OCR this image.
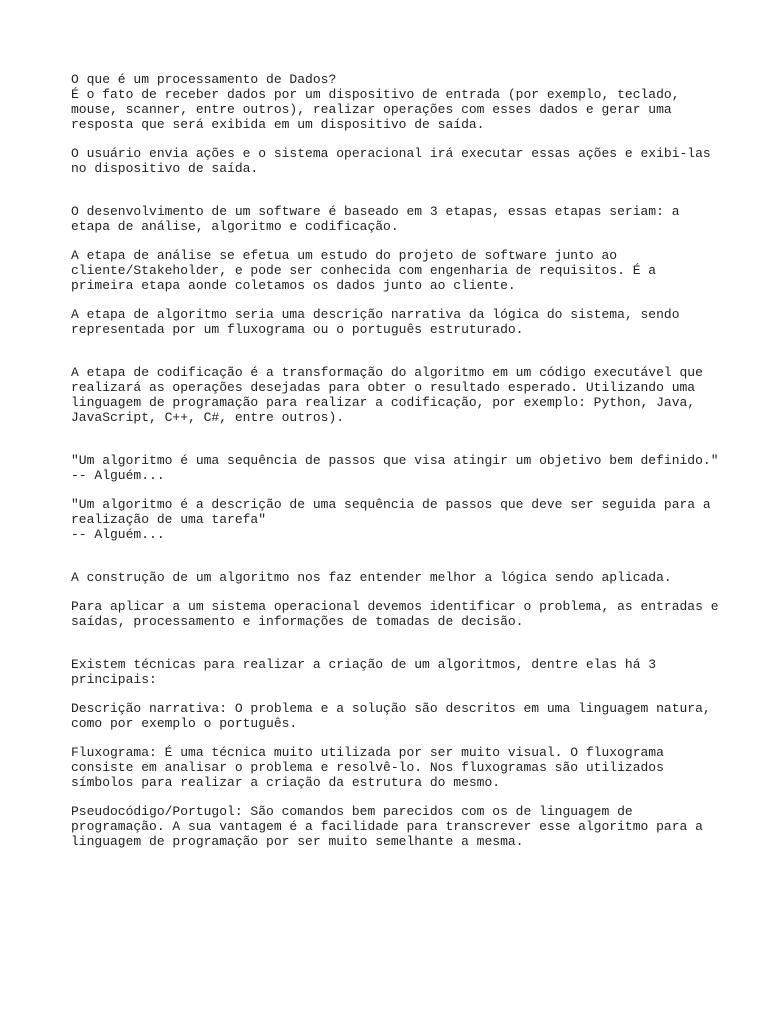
O que é um processamento de Dados?
É o fato de receber dados por um dispositivo de entrada (por exemplo, teclado,
mouse, scanner, entre outros), realizar operações com esses dados e gerar uma
resposta que será exibida em um dispositivo de saída.
O usuário envia ações e o sistema operacional irá executar essas ações e exibi-las
no dispositivo de saída.
O desenvolvimento de um software é baseado em 3 etapas, essas etapas seriam: a
etapa de análise, algoritmo e codificação.
A etapa de análise se efetua um estudo do projeto de software junto ao
cliente/Stakeholder, e pode ser conhecida com engenharia de requisitos. É a
primeira etapa aonde coletamos os dados junto ao cliente.
A etapa de algoritmo seria uma descrição narrativa da lógica do sistema, sendo
representada por um fluxograma ou o português estruturado.
A etapa de codificação é a transformação do algoritmo em um código executável que
realizará as operações desejadas para obter o resultado esperado. Utilizando uma
linguagem de programação para realizar a codificação, por exemplo: Python, Java,
JavaScript, C++, C#, entre outros).
"Um algoritmo é uma sequência de passos que visa atingir um objetivo bem definido."
-- Alguém...
"Um algoritmo é a descrição de uma sequência de passos que deve ser seguida para a
realização de uma tarefa"
-- Alguém...
A construção de um algoritmo nos faz entender melhor a lógica sendo aplicada.
Para aplicar a um sistema operacional devemos identificar o problema, as entradas e
saídas, processamento e informações de tomadas de decisão.
Existem técnicas para realizar a criação de um algoritmos, dentre elas há 3
principais:
Descrição narrativa: O problema e a solução são descritos em uma linguagem natura,
como por exemplo o português.
Fluxograma: É uma técnica muito utilizada por ser muito visual. O fluxograma
consiste em analisar o problema e resolvê-lo. Nos fluxogramas são utilizados
símbolos para realizar a criação da estrutura do mesmo.
Pseudocódigo/Portugol: São comandos bem parecidos com os de linguagem de
programação. A sua vantagem é a facilidade para transcrever esse algoritmo para a
linguagem de programação por ser muito semelhante a mesma.
